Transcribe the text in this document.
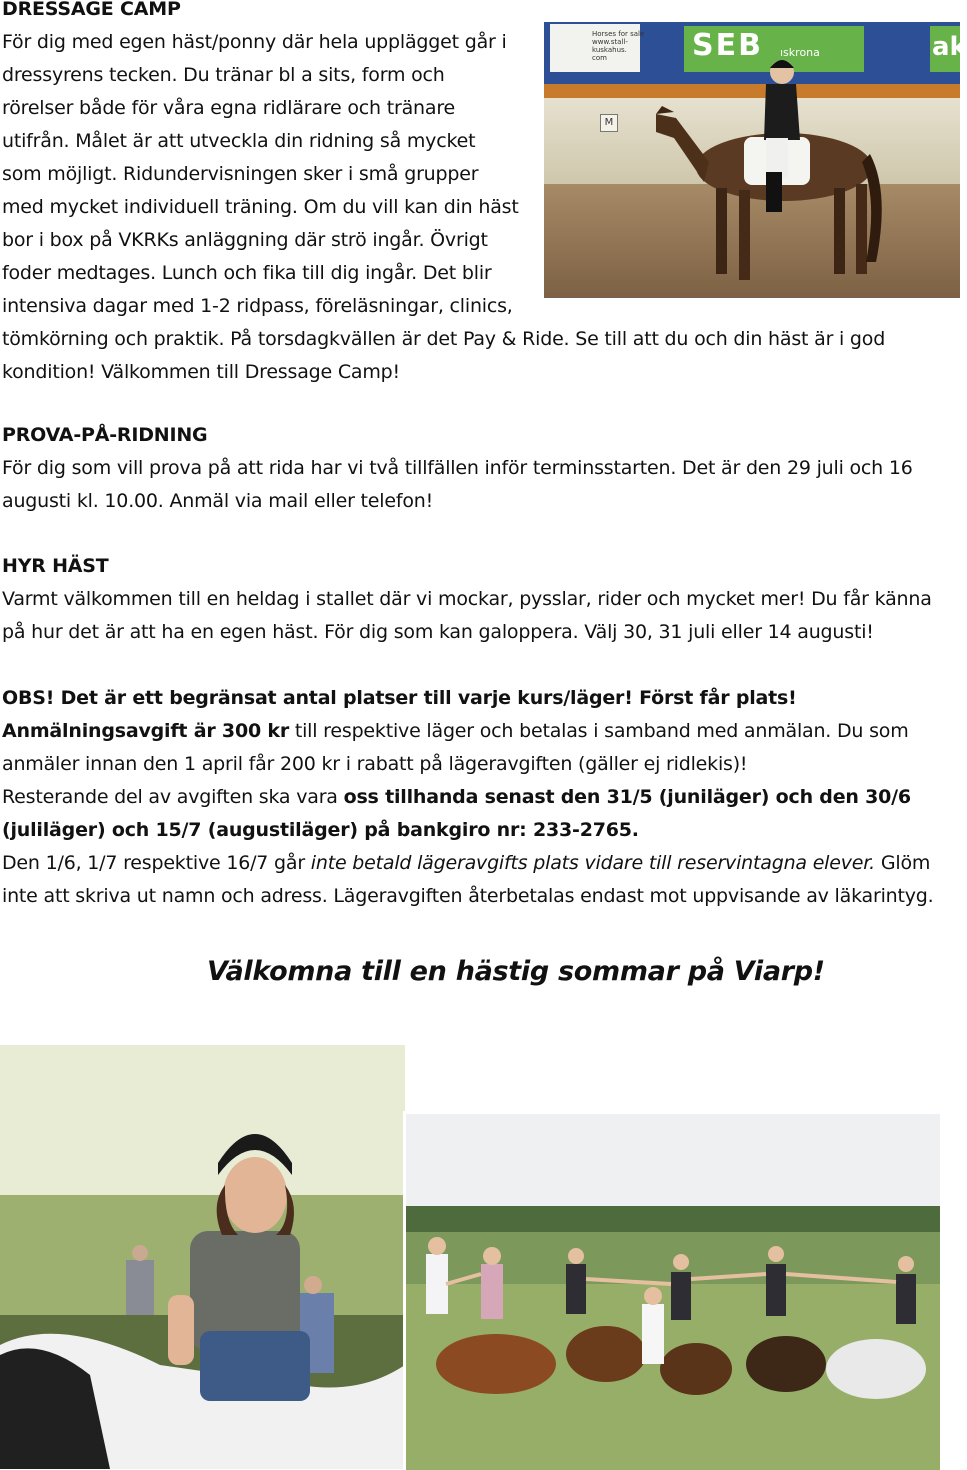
DRESSAGE CAMP
För dig med egen häst/ponny där hela upplägget går i
dressyrens tecken. Du tränar bl a sits, form och
rörelser både för våra egna ridlärare och tränare
utifrån. Målet är att utveckla din ridning så mycket
som möjligt. Ridundervisningen sker i små grupper
med mycket individuell träning. Om du vill kan din häst
bor i box på VKRKs anläggning där strö ingår. Övrigt
foder medtages. Lunch och fika till dig ingår. Det blir
intensiva dagar med 1-2 ridpass, föreläsningar, clinics,
tömkörning och praktik. På torsdagkvällen är det Pay & Ride. Se till att du och din häst är i god
kondition! Välkommen till Dressage Camp!
Horses for sale
www.stall-
kuskahus.
com	SEB ıskrona	ak
M
PROVA-PÅ-RIDNING
För dig som vill prova på att rida har vi två tillfällen inför terminsstarten. Det är den 29 juli och 16
augusti kl. 10.00. Anmäl via mail eller telefon!
HYR HÄST
Varmt välkommen till en heldag i stallet där vi mockar, pysslar, rider och mycket mer! Du får känna
på hur det är att ha en egen häst. För dig som kan galoppera. Välj 30, 31 juli eller 14 augusti!
OBS! Det är ett begränsat antal platser till varje kurs/läger! Först får plats!
Anmälningsavgift är 300 kr till respektive läger och betalas i samband med anmälan. Du som
anmäler innan den 1 april får 200 kr i rabatt på lägeravgiften (gäller ej ridlekis)!
Resterande del av avgiften ska vara oss tillhanda senast den 31/5 (juniläger) och den 30/6
(juliläger) och 15/7 (augustiläger) på bankgiro nr: 233-2765.
Den 1/6, 1/7 respektive 16/7 går inte betald lägeravgifts plats vidare till reservintagna elever. Glöm
inte att skriva ut namn och adress. Lägeravgiften återbetalas endast mot uppvisande av läkarintyg.
Välkomna till en hästig sommar på Viarp!
